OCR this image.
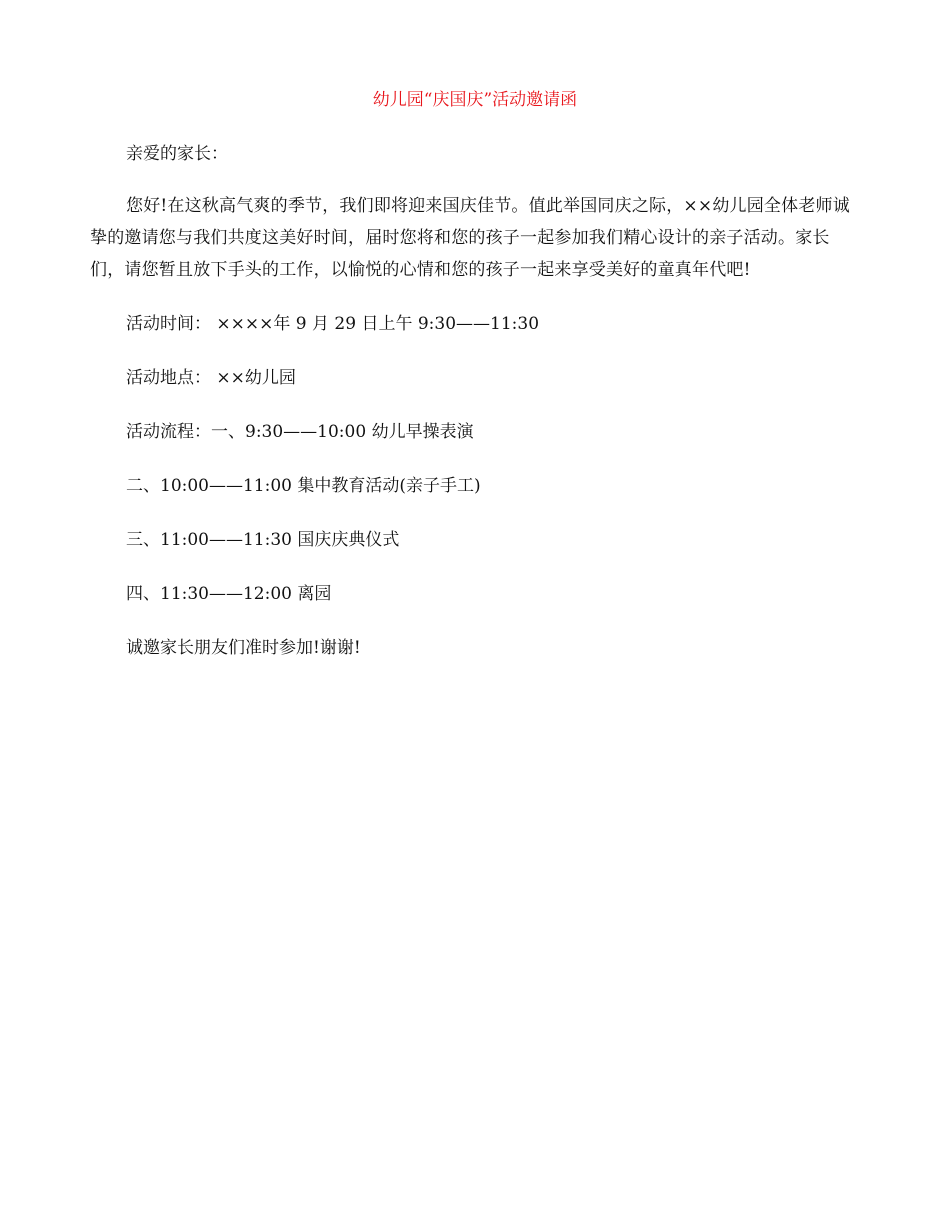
幼儿园“庆国庆”活动邀请函

亲爱的家长：

您好!在这秋高气爽的季节，我们即将迎来国庆佳节。值此举国同庆之际，××幼儿园全体老师诚挚的邀请您与我们共度这美好时间，届时您将和您的孩子一起参加我们精心设计的亲子活动。家长们，请您暂且放下手头的工作，以愉悦的心情和您的孩子一起来享受美好的童真年代吧!

活动时间： ××××年 9 月 29 日上午 9:30——11:30

活动地点： ××幼儿园

活动流程：一、9:30——10:00 幼儿早操表演

二、10:00——11:00 集中教育活动(亲子手工)

三、11:00——11:30 国庆庆典仪式

四、11:30——12:00 离园

诚邀家长朋友们准时参加!谢谢!
